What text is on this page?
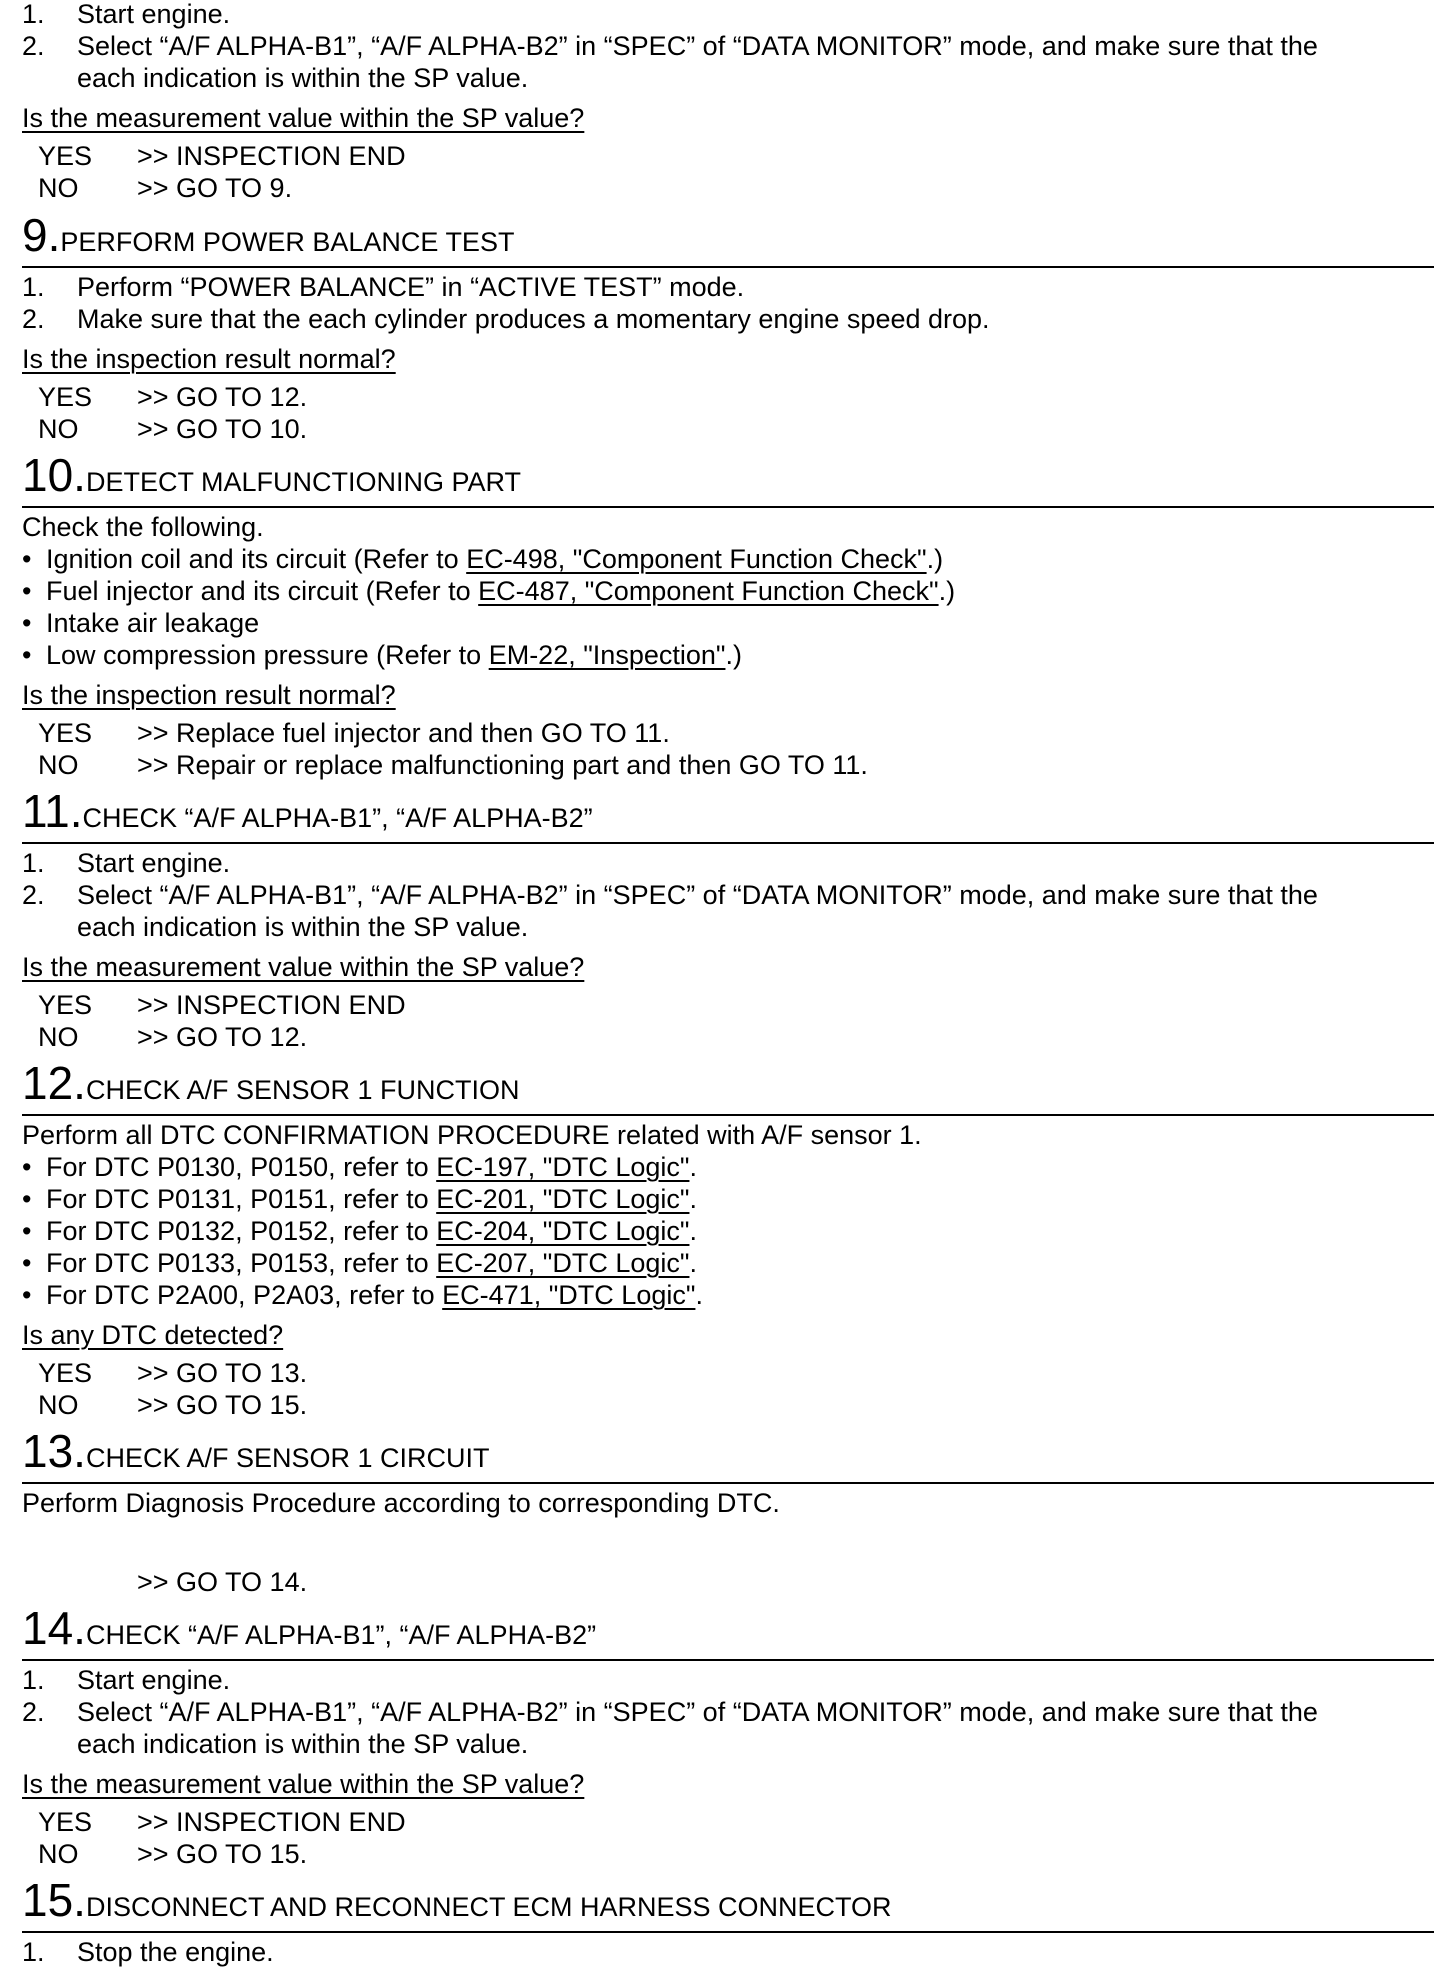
1.	Start engine.
2.	Select “A/F ALPHA-B1”, “A/F ALPHA-B2” in “SPEC” of “DATA MONITOR” mode, and make sure that the
each indication is within the SP value.
Is the measurement value within the SP value?
YES >> INSPECTION END
NO >> GO TO 9.
9.PERFORM POWER BALANCE TEST
1.	Perform “POWER BALANCE” in “ACTIVE TEST” mode.
2.	Make sure that the each cylinder produces a momentary engine speed drop.
Is the inspection result normal?
YES >> GO TO 12.
NO >> GO TO 10.
10.DETECT MALFUNCTIONING PART
Check the following.
• Ignition coil and its circuit (Refer to EC-498, "Component Function Check".)
• Fuel injector and its circuit (Refer to EC-487, "Component Function Check".)
• Intake air leakage
• Low compression pressure (Refer to EM-22, "Inspection".)
Is the inspection result normal?
YES >> Replace fuel injector and then GO TO 11.
NO >> Repair or replace malfunctioning part and then GO TO 11.
11.CHECK “A/F ALPHA-B1”, “A/F ALPHA-B2”
1.	Start engine.
2.	Select “A/F ALPHA-B1”, “A/F ALPHA-B2” in “SPEC” of “DATA MONITOR” mode, and make sure that the
each indication is within the SP value.
Is the measurement value within the SP value?
YES >> INSPECTION END
NO >> GO TO 12.
12.CHECK A/F SENSOR 1 FUNCTION
Perform all DTC CONFIRMATION PROCEDURE related with A/F sensor 1.
• For DTC P0130, P0150, refer to EC-197, "DTC Logic".
• For DTC P0131, P0151, refer to EC-201, "DTC Logic".
• For DTC P0132, P0152, refer to EC-204, "DTC Logic".
• For DTC P0133, P0153, refer to EC-207, "DTC Logic".
• For DTC P2A00, P2A03, refer to EC-471, "DTC Logic".
Is any DTC detected?
YES >> GO TO 13.
NO >> GO TO 15.
13.CHECK A/F SENSOR 1 CIRCUIT
Perform Diagnosis Procedure according to corresponding DTC.
>> GO TO 14.
14.CHECK “A/F ALPHA-B1”, “A/F ALPHA-B2”
1.	Start engine.
2.	Select “A/F ALPHA-B1”, “A/F ALPHA-B2” in “SPEC” of “DATA MONITOR” mode, and make sure that the
each indication is within the SP value.
Is the measurement value within the SP value?
YES >> INSPECTION END
NO >> GO TO 15.
15.DISCONNECT AND RECONNECT ECM HARNESS CONNECTOR
1.	Stop the engine.
